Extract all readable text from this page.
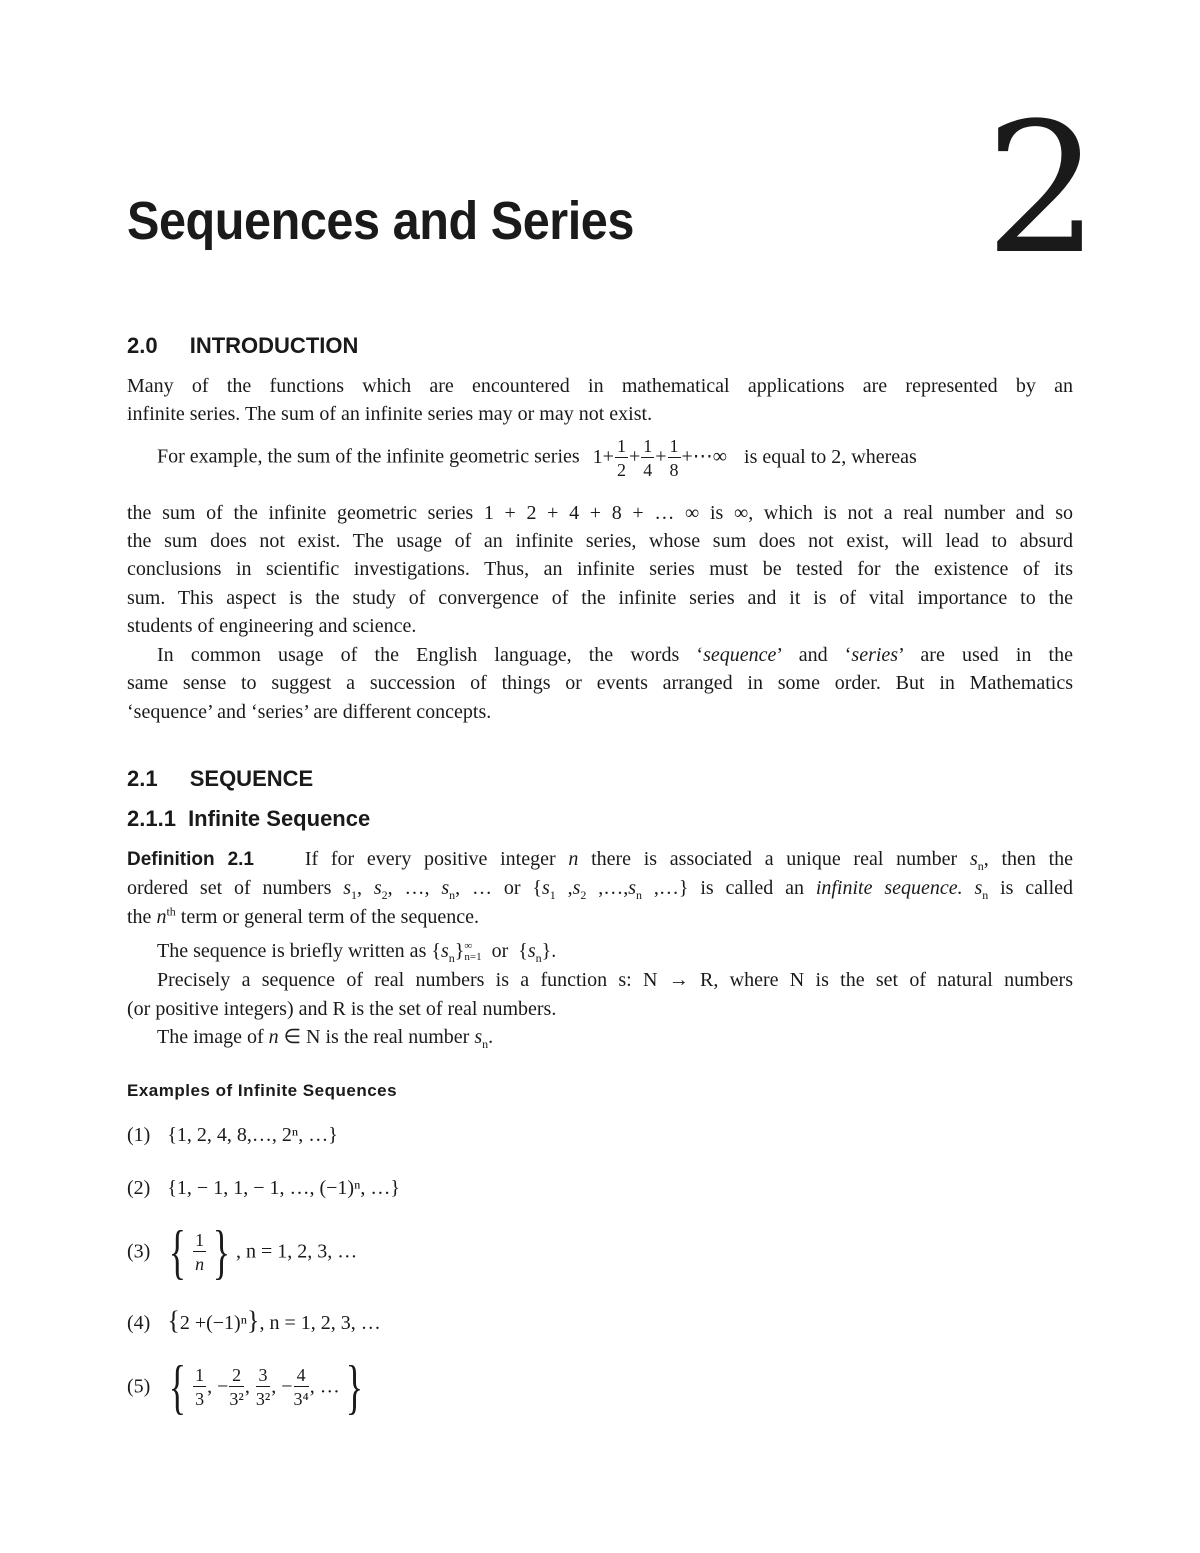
Sequences and Series 2
2.0 INTRODUCTION
Many of the functions which are encountered in mathematical applications are represented by an
infinite series. The sum of an infinite series may or may not exist.
For example, the sum of the infinite geometric series $1+ \frac{1}{2} + \frac{1}{4} + \frac{1}{8}$ +⋯∞ is equal to 2, whereas
the sum of the infinite geometric series 1 + 2 + 4 + 8 + … ∞ is ∞, which is not a real number and so
the sum does not exist. The usage of an infinite series, whose sum does not exist, will lead to absurd
conclusions in scientific investigations. Thus, an infinite series must be tested for the existence of its
sum. This aspect is the study of convergence of the infinite series and it is of vital importance to the
students of engineering and science.
In common usage of the English language, the words ‘sequence’ and ‘series’ are used in the
same sense to suggest a succession of things or events arranged in some order. But in Mathematics
‘sequence’ and ‘series’ are different concepts.
2.1 SEQUENCE
2.1.1 Infinite Sequence
Definition 2.1	If for every positive integer n there is associated a unique real number $s_n$, then the
ordered set of numbers $s_1$, $s_2$, …, $s_n$, … or {$s_1$ $,s_2$ $,\dots,s_n$ ,…} is called an infinite sequence. $s_n$ is called
the $n^{th}$ term or general term of the sequence.
The sequence is briefly written as $\{s_n\}$ ∞
n=1 or  $\{s_n\}$.
Precisely a sequence of real numbers is a function s: N → R, where N is the set of natural numbers
(or positive integers) and R is the set of real numbers.
The image of n ∈ N is the real number $s_n$.
Examples of Infinite Sequences
(1) {1, 2, 4, 8,…, 2ⁿ, …}
(2) {1, − 1, 1, − 1, …, (−1)ⁿ, …}
(3) { $\frac{1}{n}$ } , n = 1, 2, 3, …
(4) {2 +(−1)ⁿ}, n = 1, 2, 3, …
(5) { $\frac{1}{3}$ , − $\frac{2}{\text{3²}}$ , $\frac{3}{\text{3²}}$ , − $\frac{4}{\text{3⁴}}$ , …}
